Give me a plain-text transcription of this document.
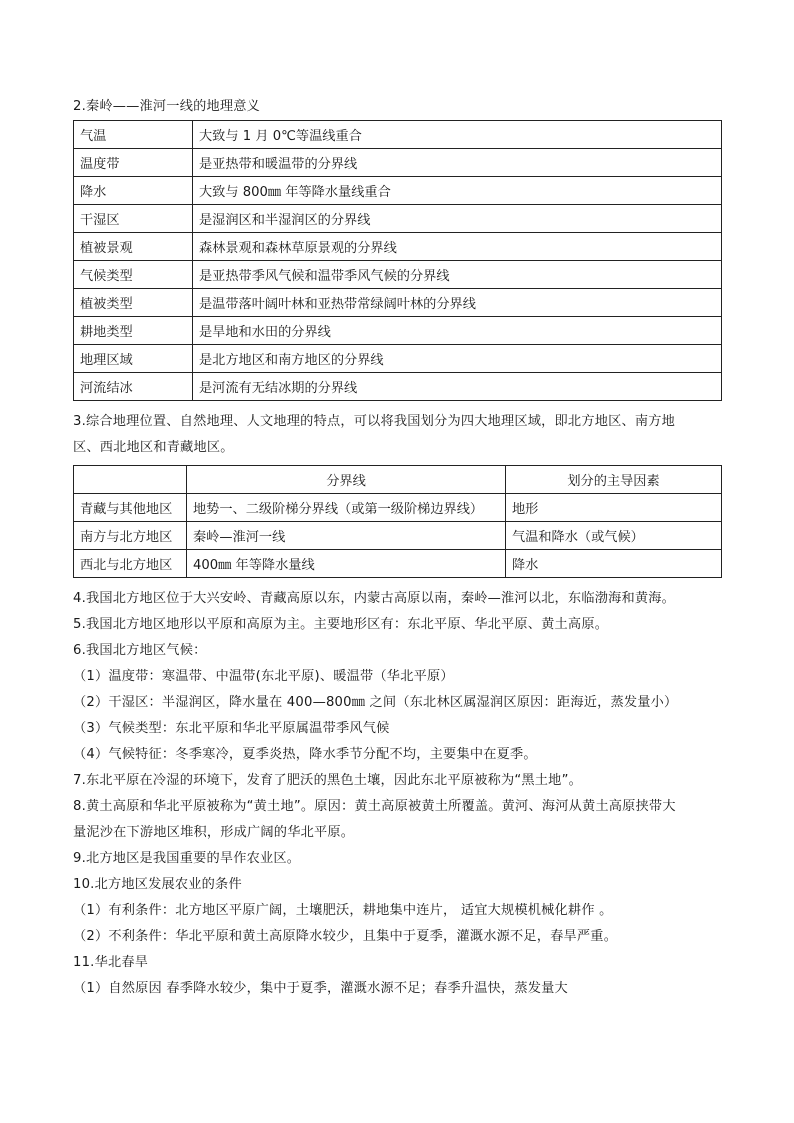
2.秦岭——淮河一线的地理意义
气温	大致与 1 月 0℃等温线重合
温度带	是亚热带和暖温带的分界线
降水	大致与 800㎜ 年等降水量线重合
干湿区	是湿润区和半湿润区的分界线
植被景观	森林景观和森林草原景观的分界线
气候类型	是亚热带季风气候和温带季风气候的分界线
植被类型	是温带落叶阔叶林和亚热带常绿阔叶林的分界线
耕地类型	是旱地和水田的分界线
地理区域	是北方地区和南方地区的分界线
河流结冰	是河流有无结冰期的分界线
3.综合地理位置、自然地理、人文地理的特点，可以将我国划分为四大地理区域，即北方地区、南方地
区、西北地区和青藏地区。
	分界线	划分的主导因素
青藏与其他地区	地势一、二级阶梯分界线（或第一级阶梯边界线）	地形
南方与北方地区	秦岭—淮河一线	气温和降水（或气候）
西北与北方地区	400㎜ 年等降水量线	降水
4.我国北方地区位于大兴安岭、青藏高原以东，内蒙古高原以南，秦岭—淮河以北，东临渤海和黄海。
5.我国北方地区地形以平原和高原为主。主要地形区有：东北平原、华北平原、黄土高原。
6.我国北方地区气候：
（1）温度带：寒温带、中温带(东北平原)、暖温带（华北平原）
（2）干湿区：半湿润区，降水量在 400—800㎜ 之间（东北林区属湿润区原因：距海近，蒸发量小）
（3）气候类型：东北平原和华北平原属温带季风气候
（4）气候特征：冬季寒冷，夏季炎热，降水季节分配不均，主要集中在夏季。
7.东北平原在冷湿的环境下，发育了肥沃的黑色土壤，因此东北平原被称为“黑土地”。
8.黄土高原和华北平原被称为“黄土地”。原因：黄土高原被黄土所覆盖。黄河、海河从黄土高原挟带大
量泥沙在下游地区堆积，形成广阔的华北平原。
9.北方地区是我国重要的旱作农业区。
10.北方地区发展农业的条件
（1）有利条件：北方地区平原广阔，土壤肥沃，耕地集中连片， 适宜大规模机械化耕作 。
（2）不利条件：华北平原和黄土高原降水较少，且集中于夏季，灌溉水源不足，春旱严重。
11.华北春旱
（1）自然原因 春季降水较少，集中于夏季，灌溉水源不足；春季升温快，蒸发量大
